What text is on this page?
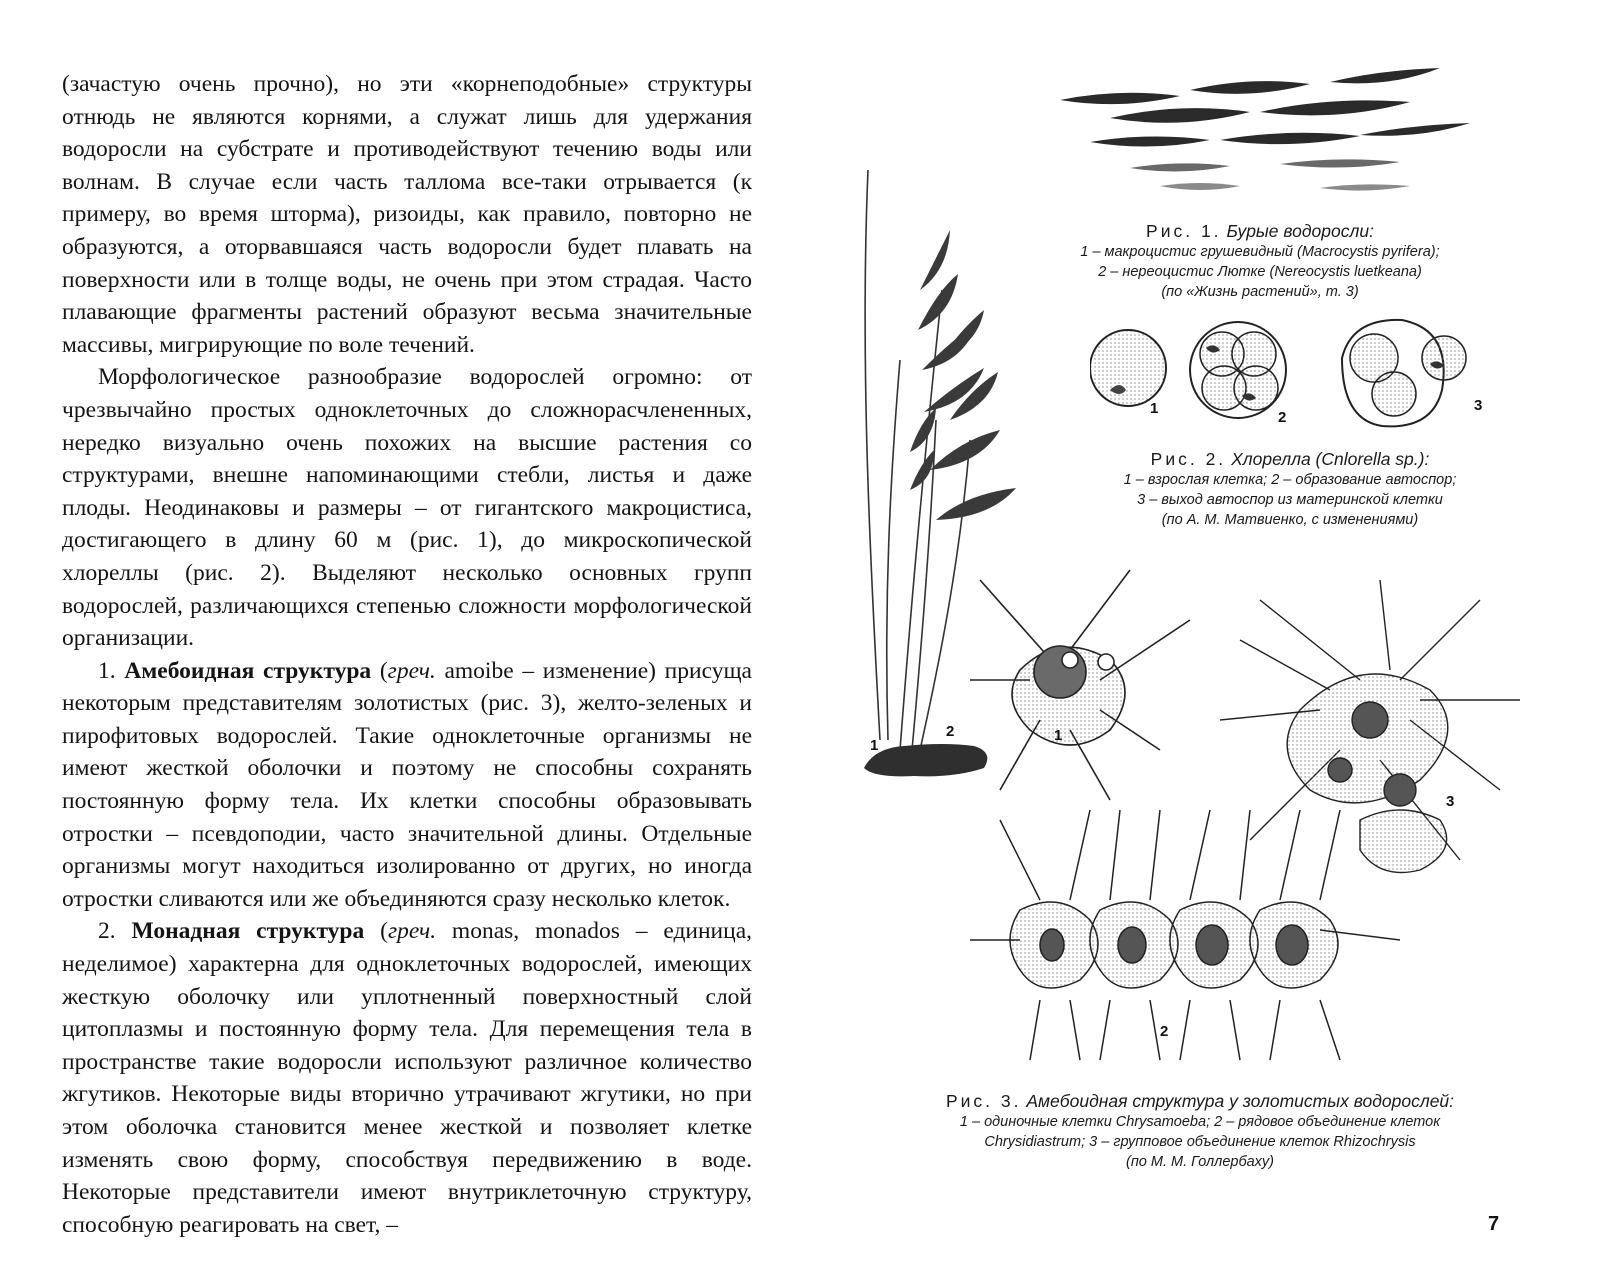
(зачастую очень прочно), но эти «корнеподобные» структуры отнюдь не являются корнями, а служат лишь для удержания водоросли на субстрате и противодействуют течению воды или волнам. В случае если часть таллома все-таки отрывается (к примеру, во время шторма), ризоиды, как правило, повторно не образуются, а оторвавшаяся часть водоросли будет плавать на поверхности или в толще воды, не очень при этом страдая. Часто плавающие фрагменты растений образуют весьма значительные массивы, мигрирующие по воле течений.

Морфологическое разнообразие водорослей огромно: от чрезвычайно простых одноклеточных до сложнорасчлененных, нередко визуально очень похожих на высшие растения со структурами, внешне напоминающими стебли, листья и даже плоды. Неодинаковы и размеры – от гигантского макроцистиса, достигающего в длину 60 м (рис. 1), до микроскопической хлореллы (рис. 2). Выделяют несколько основных групп водорослей, различающихся степенью сложности морфологической организации.

1. Амебоидная структура (греч. amoibe – изменение) присуща некоторым представителям золотистых (рис. 3), желто-зеленых и пирофитовых водорослей. Такие одноклеточные организмы не имеют жесткой оболочки и поэтому не способны сохранять постоянную форму тела. Их клетки способны образовывать отростки – псевдоподии, часто значительной длины. Отдельные организмы могут находиться изолированно от других, но иногда отростки сливаются или же объединяются сразу несколько клеток.

2. Монадная структура (греч. monas, monados – единица, неделимое) характерна для одноклеточных водорослей, имеющих жесткую оболочку или уплотненный поверхностный слой цитоплазмы и постоянную форму тела. Для перемещения тела в пространстве такие водоросли используют различное количество жгутиков. Некоторые виды вторично утрачивают жгутики, но при этом оболочка становится менее жесткой и позволяет клетке изменять свою форму, способствуя передвижению в воде. Некоторые представители имеют внутриклеточную структуру, способную реагировать на свет, –

1
2
Рис. 1. Бурые водоросли:
1 – макроцистис грушевидный (Macrocystis pyrifera);
2 – нереоцистис Лютке (Nereocystis luetkeana)
(по «Жизнь растений», т. 3)
1
2
3
Рис. 2. Хлорелла (Cnlorella sp.):
1 – взрослая клетка; 2 – образование автоспор;
3 – выход автоспор из материнской клетки
(по А. М. Матвиенко, с изменениями)
1
3
2
Рис. 3. Амебоидная структура у золотистых водорослей:
1 – одиночные клетки Chrysamoeba; 2 – рядовое объединение клеток
Chrysidiastrum; 3 – групповое объединение клеток Rhizochrysis
(по М. М. Голлербаху)
7
